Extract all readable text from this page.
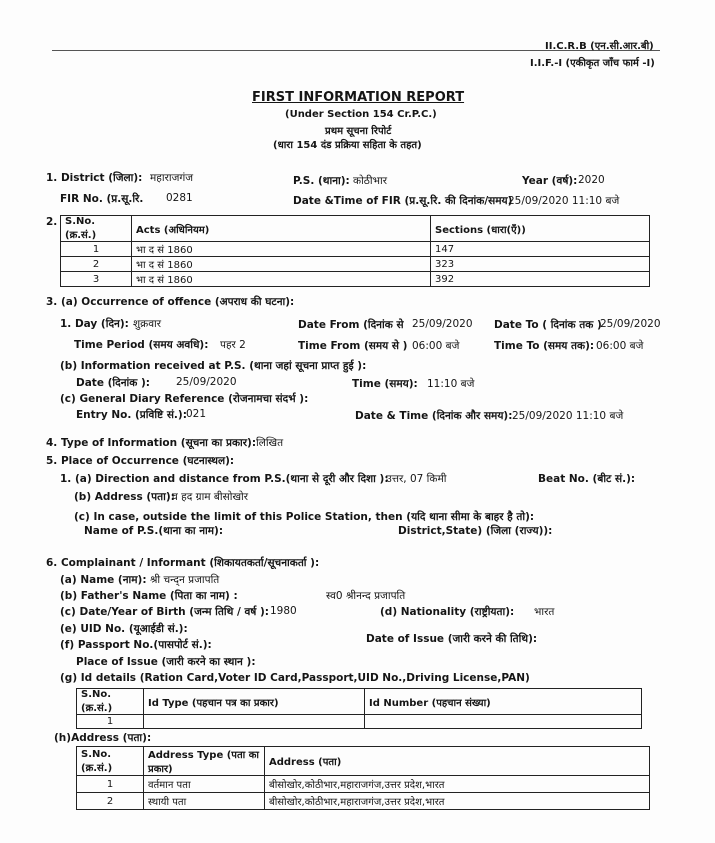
II.C.R.B (एन.सी.आर.बी)
I.I.F.-I (एकीकृत जाँच फार्म -I)
FIRST INFORMATION REPORT
(Under Section 154 Cr.P.C.)
प्रथम सूचना रिपोर्ट
(धारा 154 दंड प्रक्रिया सहिता के तहत)
1. District (जिला): महाराजगंज	P.S. (थाना): कोठीभार	Year (वर्ष): 2020
FIR No. (प्र.सू.रि. 0281	Date &Time of FIR (प्र.सू.रि. की दिनांक/समय)
25/09/2020 11:10 बजे
2. S.No. (क्र.सं.)	Acts (अधिनियम)	Sections (धारा(एँ))
1	भा द सं 1860	147
2	भा द सं 1860	323
3	भा द सं 1860	392
3. (a) Occurrence of offence (अपराध की घटना):
1. Day (दिन): शुक्रवार	Date From (दिनांक से 25/09/2020 Date To ( दिनांक तक )
25/09/2020
Time Period (समय अवधि): पहर 2	Time From (समय से ) 06:00 बजे	Time To (समय तक): 06:00 बजे
(b) Information received at P.S. (थाना जहां सूचना प्राप्त हुई ):
Date (दिनांक ): 25/09/2020	Time (समय): 11:10 बजे
(c) General Diary Reference (रोजनामचा संदर्भ ):
Entry No. (प्रविष्टि सं.): 021	Date & Time (दिनांक और समय): 25/09/2020 11:10 बजे
4. Type of Information (सूचना का प्रकार): लिखित
5. Place of Occurrence (घटनास्थल):
1. (a) Direction and distance from P.S.(थाना से दूरी और दिशा ):
उत्तर, 07 किमी	Beat No. (बीट सं.):
(b) Address (पता):
व हद ग्राम बीसोखोर
(c) In case, outside the limit of this Police Station, then (यदि थाना सीमा के बाहर है तो):
Name of P.S.(थाना का नाम):	District,State) (जिला (राज्य)):
6. Complainant / Informant (शिकायतकर्ता/सूचनाकर्ता ):
(a) Name (नाम): श्री चन्द्न प्रजापति
(b) Father's Name (पिता का नाम) :	स्व0 श्रीनन्द प्रजापति
(c) Date/Year of Birth (जन्म तिथि / वर्ष ): 1980	(d) Nationality (राष्ट्रीयता): भारत
(e) UID No. (यूआईडी सं.):
(f) Passport No.(पासपोर्ट सं.):	Date of Issue (जारी करने की तिथि):
Place of Issue (जारी करने का स्थान ):
(g) Id details (Ration Card,Voter ID Card,Passport,UID No.,Driving License,PAN)
S.No.(क्र.सं.)	Id Type (पहचान पत्र का प्रकार)	Id Number (पहचान संख्या)
1		
(h)Address (पता):
S.No.(क्र.सं.)	Address Type (पता का प्रकार)	Address (पता)
1	वर्तमान पता	बीसोखोर,कोठीभार,महाराजगंज,उत्तर प्रदेश,भारत
2	स्थायी पता	बीसोखोर,कोठीभार,महाराजगंज,उत्तर प्रदेश,भारत
